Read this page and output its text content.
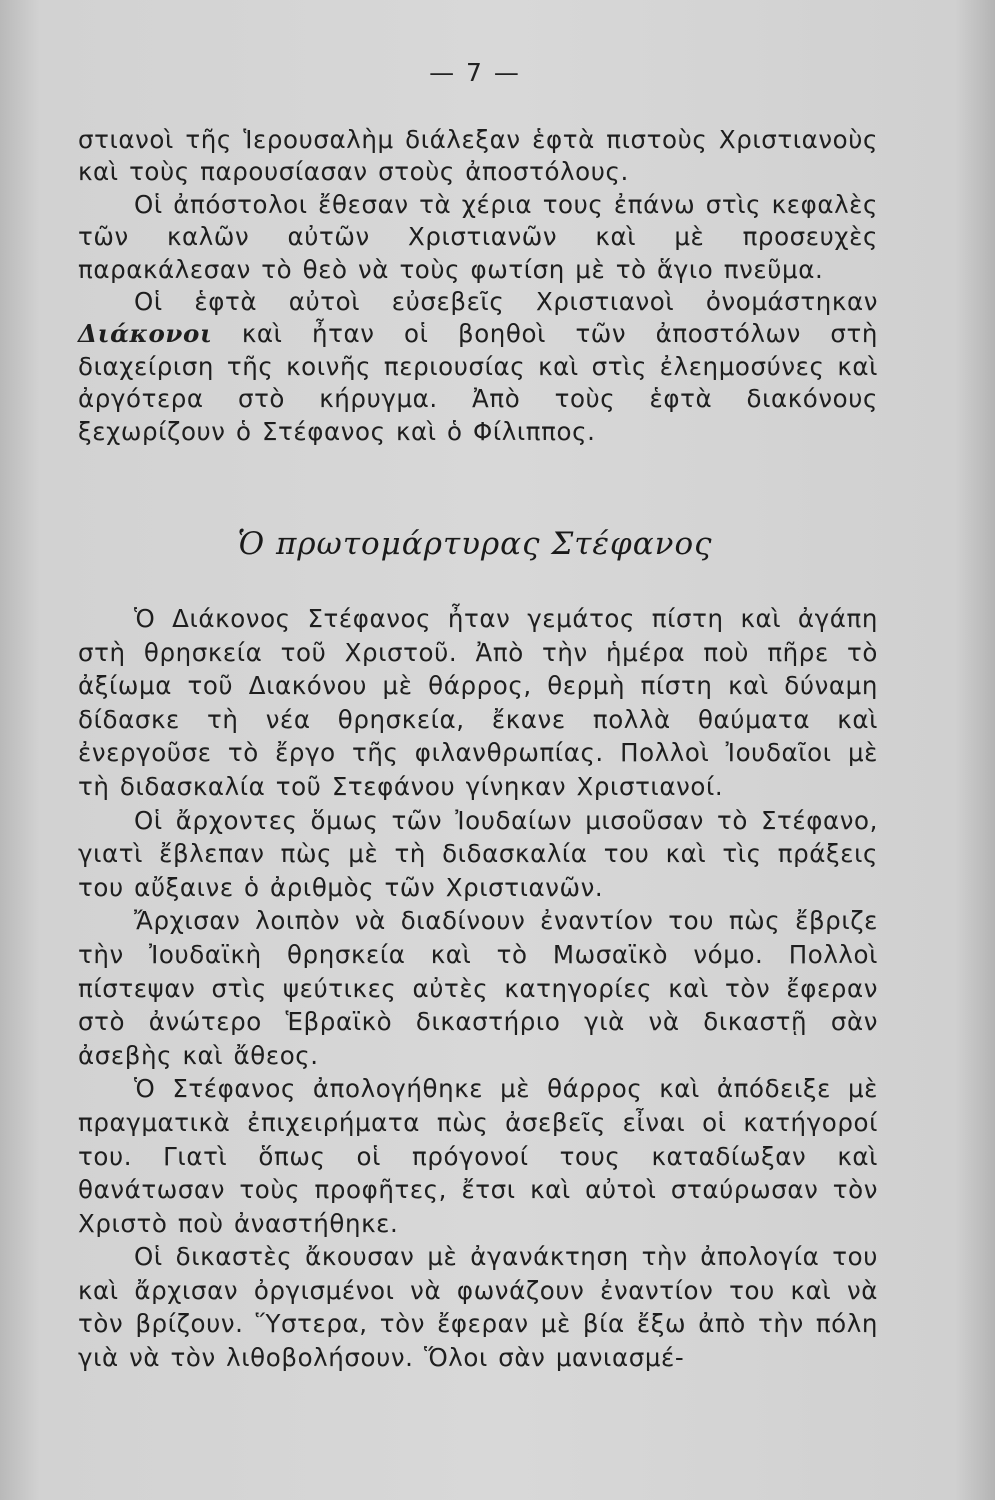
— 7 —

στιανοὶ τῆς Ἱερουσαλὴμ διάλεξαν ἑφτὰ πιστοὺς Χριστιανοὺς καὶ τοὺς παρουσίασαν στοὺς ἀποστόλους.

Οἱ ἀπόστολοι ἔθεσαν τὰ χέρια τους ἐπάνω στὶς κεφαλὲς τῶν καλῶν αὐτῶν Χριστιανῶν καὶ μὲ προσευχὲς παρακάλεσαν τὸ θεὸ νὰ τοὺς φωτίση μὲ τὸ ἅγιο πνεῦμα.

Οἱ ἑφτὰ αὐτοὶ εὐσεβεῖς Χριστιανοὶ ὀνομάστηκαν Διάκονοι καὶ ἦταν οἱ βοηθοὶ τῶν ἀποστόλων στὴ διαχείριση τῆς κοινῆς περιουσίας καὶ στὶς ἐλεημοσύνες καὶ ἀργότερα στὸ κήρυγμα. Ἀπὸ τοὺς ἑφτὰ διακόνους ξεχωρίζουν ὁ Στέφανος καὶ ὁ Φίλιππος.

Ὁ πρωτομάρτυρας Στέφανος

Ὁ Διάκονος Στέφανος ἦταν γεμάτος πίστη καὶ ἀγάπη στὴ θρησκεία τοῦ Χριστοῦ. Ἀπὸ τὴν ἡμέρα ποὺ πῆρε τὸ ἀξίωμα τοῦ Διακόνου μὲ θάρρος, θερμὴ πίστη καὶ δύναμη δίδασκε τὴ νέα θρησκεία, ἔκανε πολλὰ θαύματα καὶ ἐνεργοῦσε τὸ ἔργο τῆς φιλανθρωπίας. Πολλοὶ Ἰουδαῖοι μὲ τὴ διδασκαλία τοῦ Στεφάνου γίνηκαν Χριστιανοί.

Οἱ ἄρχοντες ὅμως τῶν Ἰουδαίων μισοῦσαν τὸ Στέφανο, γιατὶ ἔβλεπαν πὼς μὲ τὴ διδασκαλία του καὶ τὶς πράξεις του αὔξαινε ὁ ἀριθμὸς τῶν Χριστιανῶν.

Ἄρχισαν λοιπὸν νὰ διαδίνουν ἐναντίον του πὼς ἔβριζε τὴν Ἰουδαϊκὴ θρησκεία καὶ τὸ Μωσαϊκὸ νόμο. Πολλοὶ πίστεψαν στὶς ψεύτικες αὐτὲς κατηγορίες καὶ τὸν ἔφεραν στὸ ἀνώτερο Ἑβραϊκὸ δικαστήριο γιὰ νὰ δικαστῇ σὰν ἀσεβὴς καὶ ἄθεος.

Ὁ Στέφανος ἀπολογήθηκε μὲ θάρρος καὶ ἀπόδειξε μὲ πραγματικὰ ἐπιχειρήματα πὼς ἀσεβεῖς εἶναι οἱ κατήγοροί του. Γιατὶ ὅπως οἱ πρόγονοί τους καταδίωξαν καὶ θανάτωσαν τοὺς προφῆτες, ἔτσι καὶ αὐτοὶ σταύρωσαν τὸν Χριστὸ ποὺ ἀναστήθηκε.

Οἱ δικαστὲς ἄκουσαν μὲ ἀγανάκτηση τὴν ἀπολογία του καὶ ἄρχισαν ὀργισμένοι νὰ φωνάζουν ἐναντίον του καὶ νὰ τὸν βρίζουν. Ὕστερα, τὸν ἔφεραν μὲ βία ἔξω ἀπὸ τὴν πόλη γιὰ νὰ τὸν λιθοβολήσουν. Ὅλοι σὰν μανιασμέ-
